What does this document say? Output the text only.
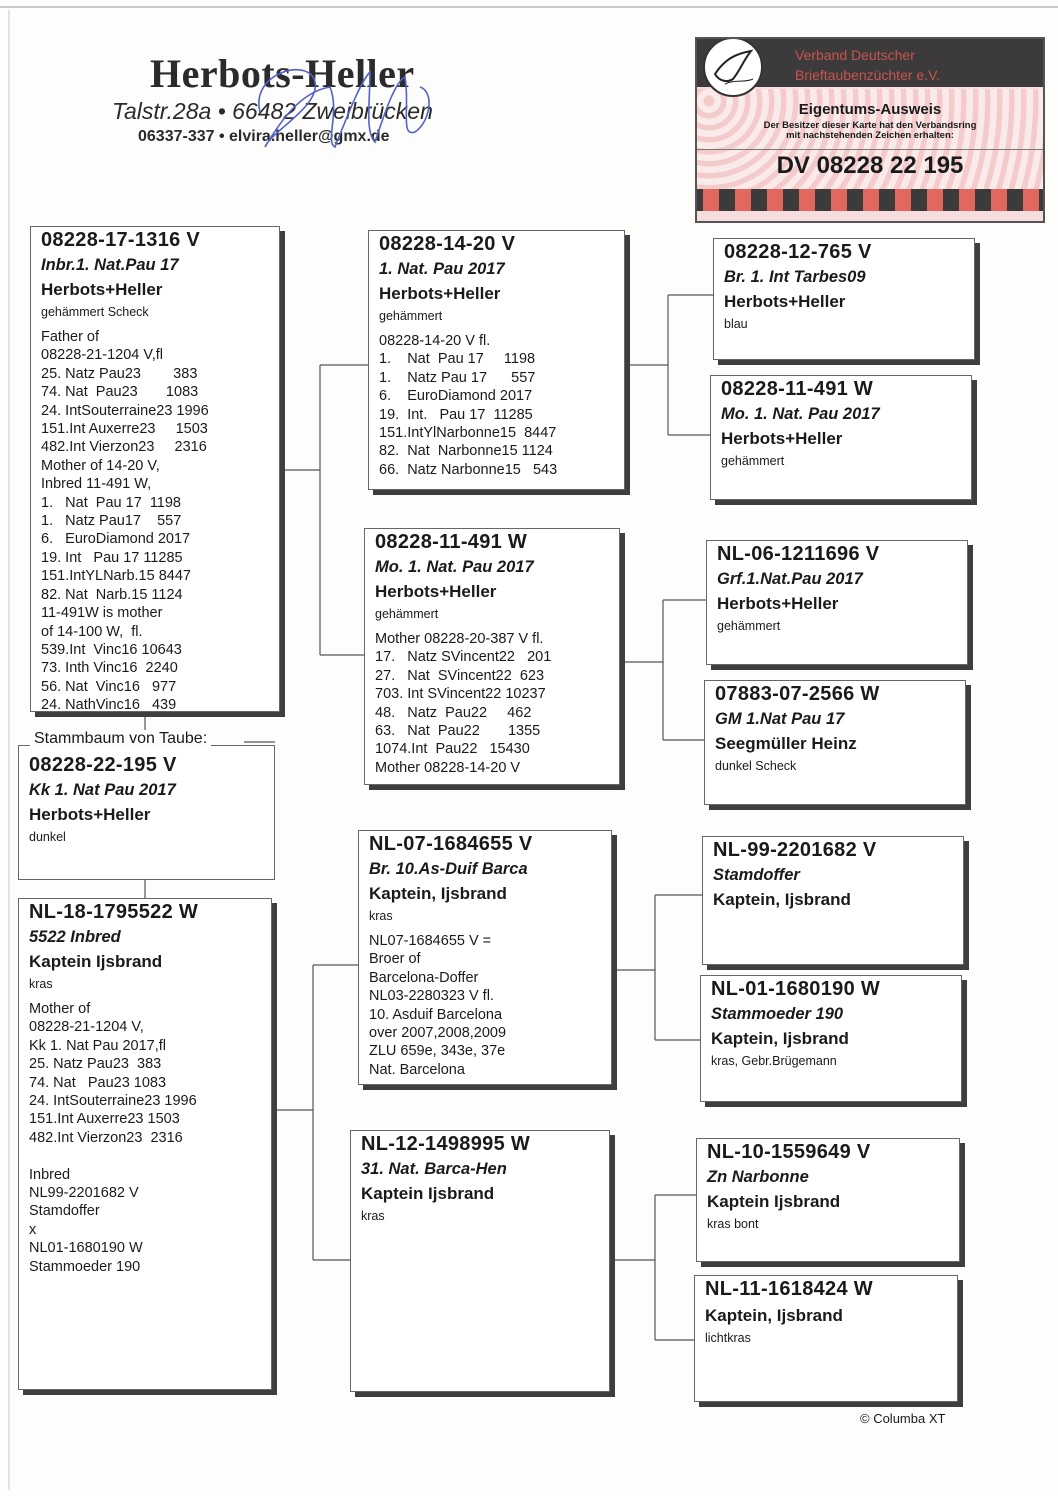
Herbots-Heller
Talstr.28a • 66482 Zweibrücken
06337-337 • elvira.heller@gmx.de
Verband Deutscher
Brieftaubenzüchter e.V.
Eigentums-Ausweis
Der Besitzer dieser Karte hat den Verbandsring
mit nachstehenden Zeichen erhalten:
DV 08228 22 195
Stammbaum von Taube:
08228-17-1316 V
Inbr.1. Nat.Pau 17
Herbots+Heller
gehämmert Scheck
Father of
08228-21-1204 V,fl
25. Natz Pau23        383
74. Nat  Pau23       1083
24. IntSouterraine23 1996
151.Int Auxerre23     1503
482.Int Vierzon23     2316
Mother of 14-20 V,
Inbred 11-491 W,
1.   Nat  Pau 17  1198
1.   Natz Pau17    557
6.   EuroDiamond 2017
19. Int   Pau 17 11285
151.IntYLNarb.15 8447
82. Nat  Narb.15 1124
11-491W is mother
of 14-100 W,  fl.
539.Int  Vinc16 10643
73. Inth Vinc16  2240
56. Nat  Vinc16   977
24. NathVinc16   439
08228-22-195 V
Kk 1. Nat Pau 2017
Herbots+Heller
dunkel
NL-18-1795522 W
5522 Inbred
Kaptein Ijsbrand
kras
Mother of
08228-21-1204 V,
Kk 1. Nat Pau 2017,fl
25. Natz Pau23  383
74. Nat   Pau23 1083
24. IntSouterraine23 1996
151.Int Auxerre23 1503
482.Int Vierzon23  2316
Inbred
NL99-2201682 V
Stamdoffer
x
NL01-1680190 W
Stammoeder 190
08228-14-20 V
1. Nat. Pau 2017
Herbots+Heller
gehämmert
08228-14-20 V fl.
1.    Nat  Pau 17     1198
1.    Natz Pau 17      557
6.    EuroDiamond 2017
19.  Int.   Pau 17  11285
151.IntYlNarbonne15  8447
82.  Nat  Narbonne15 1124
66.  Natz Narbonne15   543
08228-11-491 W
Mo. 1. Nat. Pau 2017
Herbots+Heller
gehämmert
Mother 08228-20-387 V fl.
17.   Natz SVincent22   201
27.   Nat  SVincent22  623
703. Int SVincent22 10237
48.   Natz  Pau22     462
63.   Nat  Pau22       1355
1074.Int  Pau22   15430
Mother 08228-14-20 V
NL-07-1684655 V
Br. 10.As-Duif Barca
Kaptein, Ijsbrand
kras
NL07-1684655 V =
Broer of
Barcelona-Doffer
NL03-2280323 V fl.
10. Asduif Barcelona
over 2007,2008,2009
ZLU 659e, 343e, 37e
Nat. Barcelona
NL-12-1498995 W
31. Nat. Barca-Hen
Kaptein Ijsbrand
kras
08228-12-765 V
Br. 1. Int Tarbes09
Herbots+Heller
blau
08228-11-491 W
Mo. 1. Nat. Pau 2017
Herbots+Heller
gehämmert
NL-06-1211696 V
Grf.1.Nat.Pau 2017
Herbots+Heller
gehämmert
07883-07-2566 W
GM 1.Nat Pau 17
Seegmüller Heinz
dunkel Scheck
NL-99-2201682 V
Stamdoffer
Kaptein, Ijsbrand
NL-01-1680190 W
Stammoeder 190
Kaptein, Ijsbrand
kras, Gebr.Brügemann
NL-10-1559649 V
Zn Narbonne
Kaptein Ijsbrand
kras bont
NL-11-1618424 W
Kaptein, Ijsbrand
lichtkras
© Columba XT
